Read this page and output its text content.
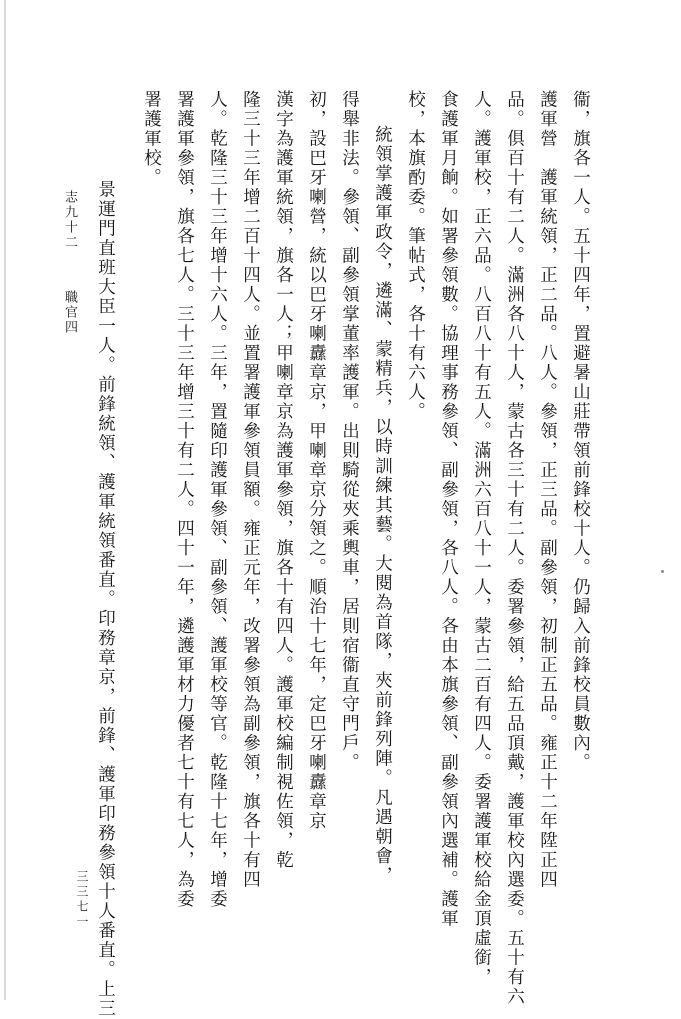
衞，旗各一人。五十四年，置避暑山莊帶領前鋒校十人。仍歸入前鋒校員數內。
護軍營　護軍統領，正二品。八人。參領，正三品。副參領，初制正五品。雍正十二年陞正四
品。俱百十有二人。滿洲各八十人，蒙古各三十有二人。委署參領，給五品頂戴，護軍校內選委。五十有六
人。護軍校，正六品。八百八十有五人。滿洲六百八十一人，蒙古二百有四人。委署護軍校給金頂虛銜，
食護軍月餉。如署參領數。協理事務參領、副參領，各八人。各由本旗參領、副參領內選補。護軍
校，本旗酌委。筆帖式，各十有六人。
統領掌護軍政令，遴滿、蒙精兵，以時訓練其藝。大閱為首隊，夾前鋒列陣。凡遇朝會，
得舉非法。參領、副參領掌董率護軍。出則騎從夾乘輿車，居則宿衞直守門戶。
初，設巴牙喇營，統以巴牙喇纛章京，甲喇章京分領之。順治十七年，定巴牙喇纛章京
漢字為護軍統領，旗各一人；甲喇章京為護軍參領，旗各十有四人。護軍校編制視佐領，乾
隆三十三年增二百十四人。並置署護軍參領員額。雍正元年，改署參領為副參領，旗各十有四
人。乾隆三十三年增十六人。三年，置隨印護軍參領、副參領、護軍校等官。乾隆十七年，增委
署護軍參領，旗各七人。三十三年增三十有二人。四十一年，遴護軍材力優者七十有七人，為委
署護軍校。
景運門直班大臣一人。前鋒統領、護軍統領番直。印務章京，前鋒、護軍印務參領十人番直。上三
志九十二職官四
三三七一
